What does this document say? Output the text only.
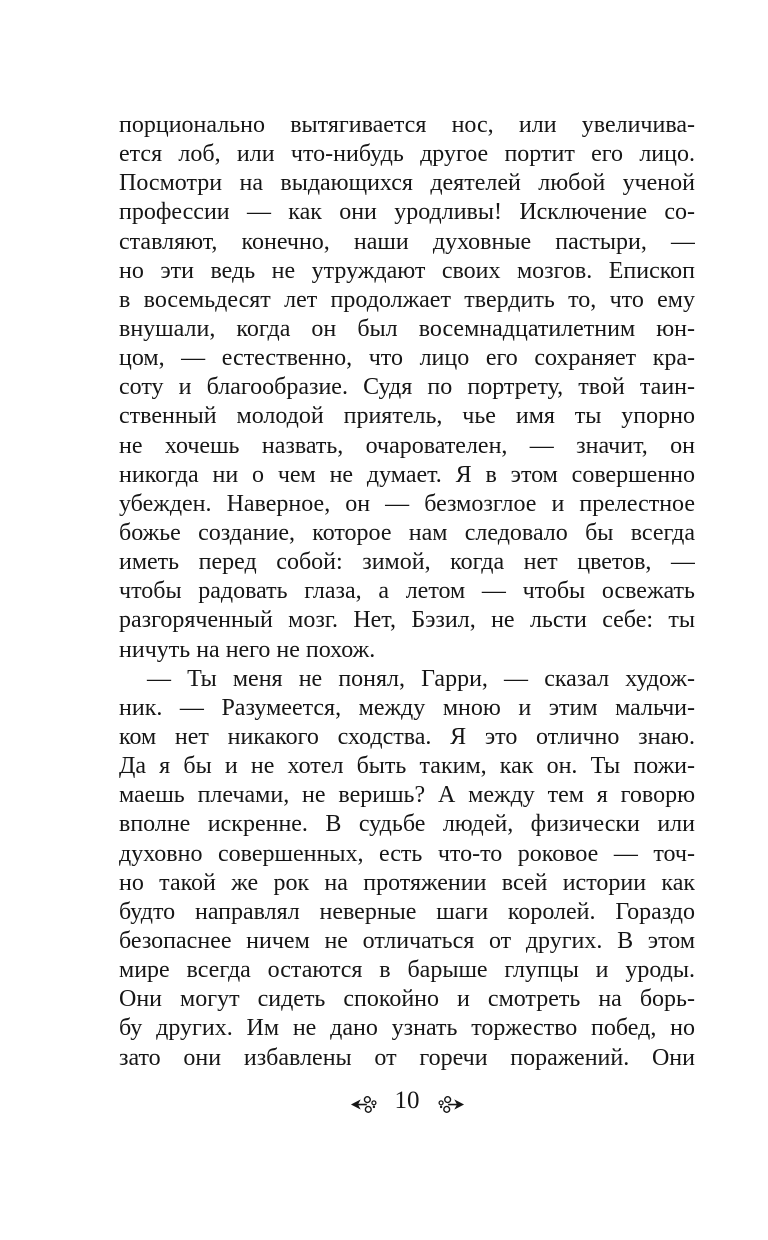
порционально вытягивается нос, или увеличива-
ется лоб, или что-нибудь другое портит его лицо.
Посмотри на выдающихся деятелей любой ученой
профессии — как они уродливы! Исключение со-
ставляют, конечно, наши духовные пастыри, —
но эти ведь не утруждают своих мозгов. Епископ
в восемьдесят лет продолжает твердить то, что ему
внушали, когда он был восемнадцатилетним юн-
цом, — естественно, что лицо его сохраняет кра-
соту и благообразие. Судя по портрету, твой таин-
ственный молодой приятель, чье имя ты упорно
не хочешь назвать, очарователен, — значит, он
никогда ни о чем не думает. Я в этом совершенно
убежден. Наверное, он — безмозглое и прелестное
божье создание, которое нам следовало бы всегда
иметь перед собой: зимой, когда нет цветов, —
чтобы радовать глаза, а летом — чтобы освежать
разгоряченный мозг. Нет, Бэзил, не льсти себе: ты
ничуть на него не похож.
— Ты меня не понял, Гарри, — сказал худож-
ник. — Разумеется, между мною и этим мальчи-
ком нет никакого сходства. Я это отлично знаю.
Да я бы и не хотел быть таким, как он. Ты пожи-
маешь плечами, не веришь? А между тем я говорю
вполне искренне. В судьбе людей, физически или
духовно совершенных, есть что-то роковое — точ-
но такой же рок на протяжении всей истории как
будто направлял неверные шаги королей. Гораздо
безопаснее ничем не отличаться от других. В этом
мире всегда остаются в барыше глупцы и уроды.
Они могут сидеть спокойно и смотреть на борь-
бу других. Им не дано узнать торжество побед, но
зато они избавлены от горечи поражений. Они
10
